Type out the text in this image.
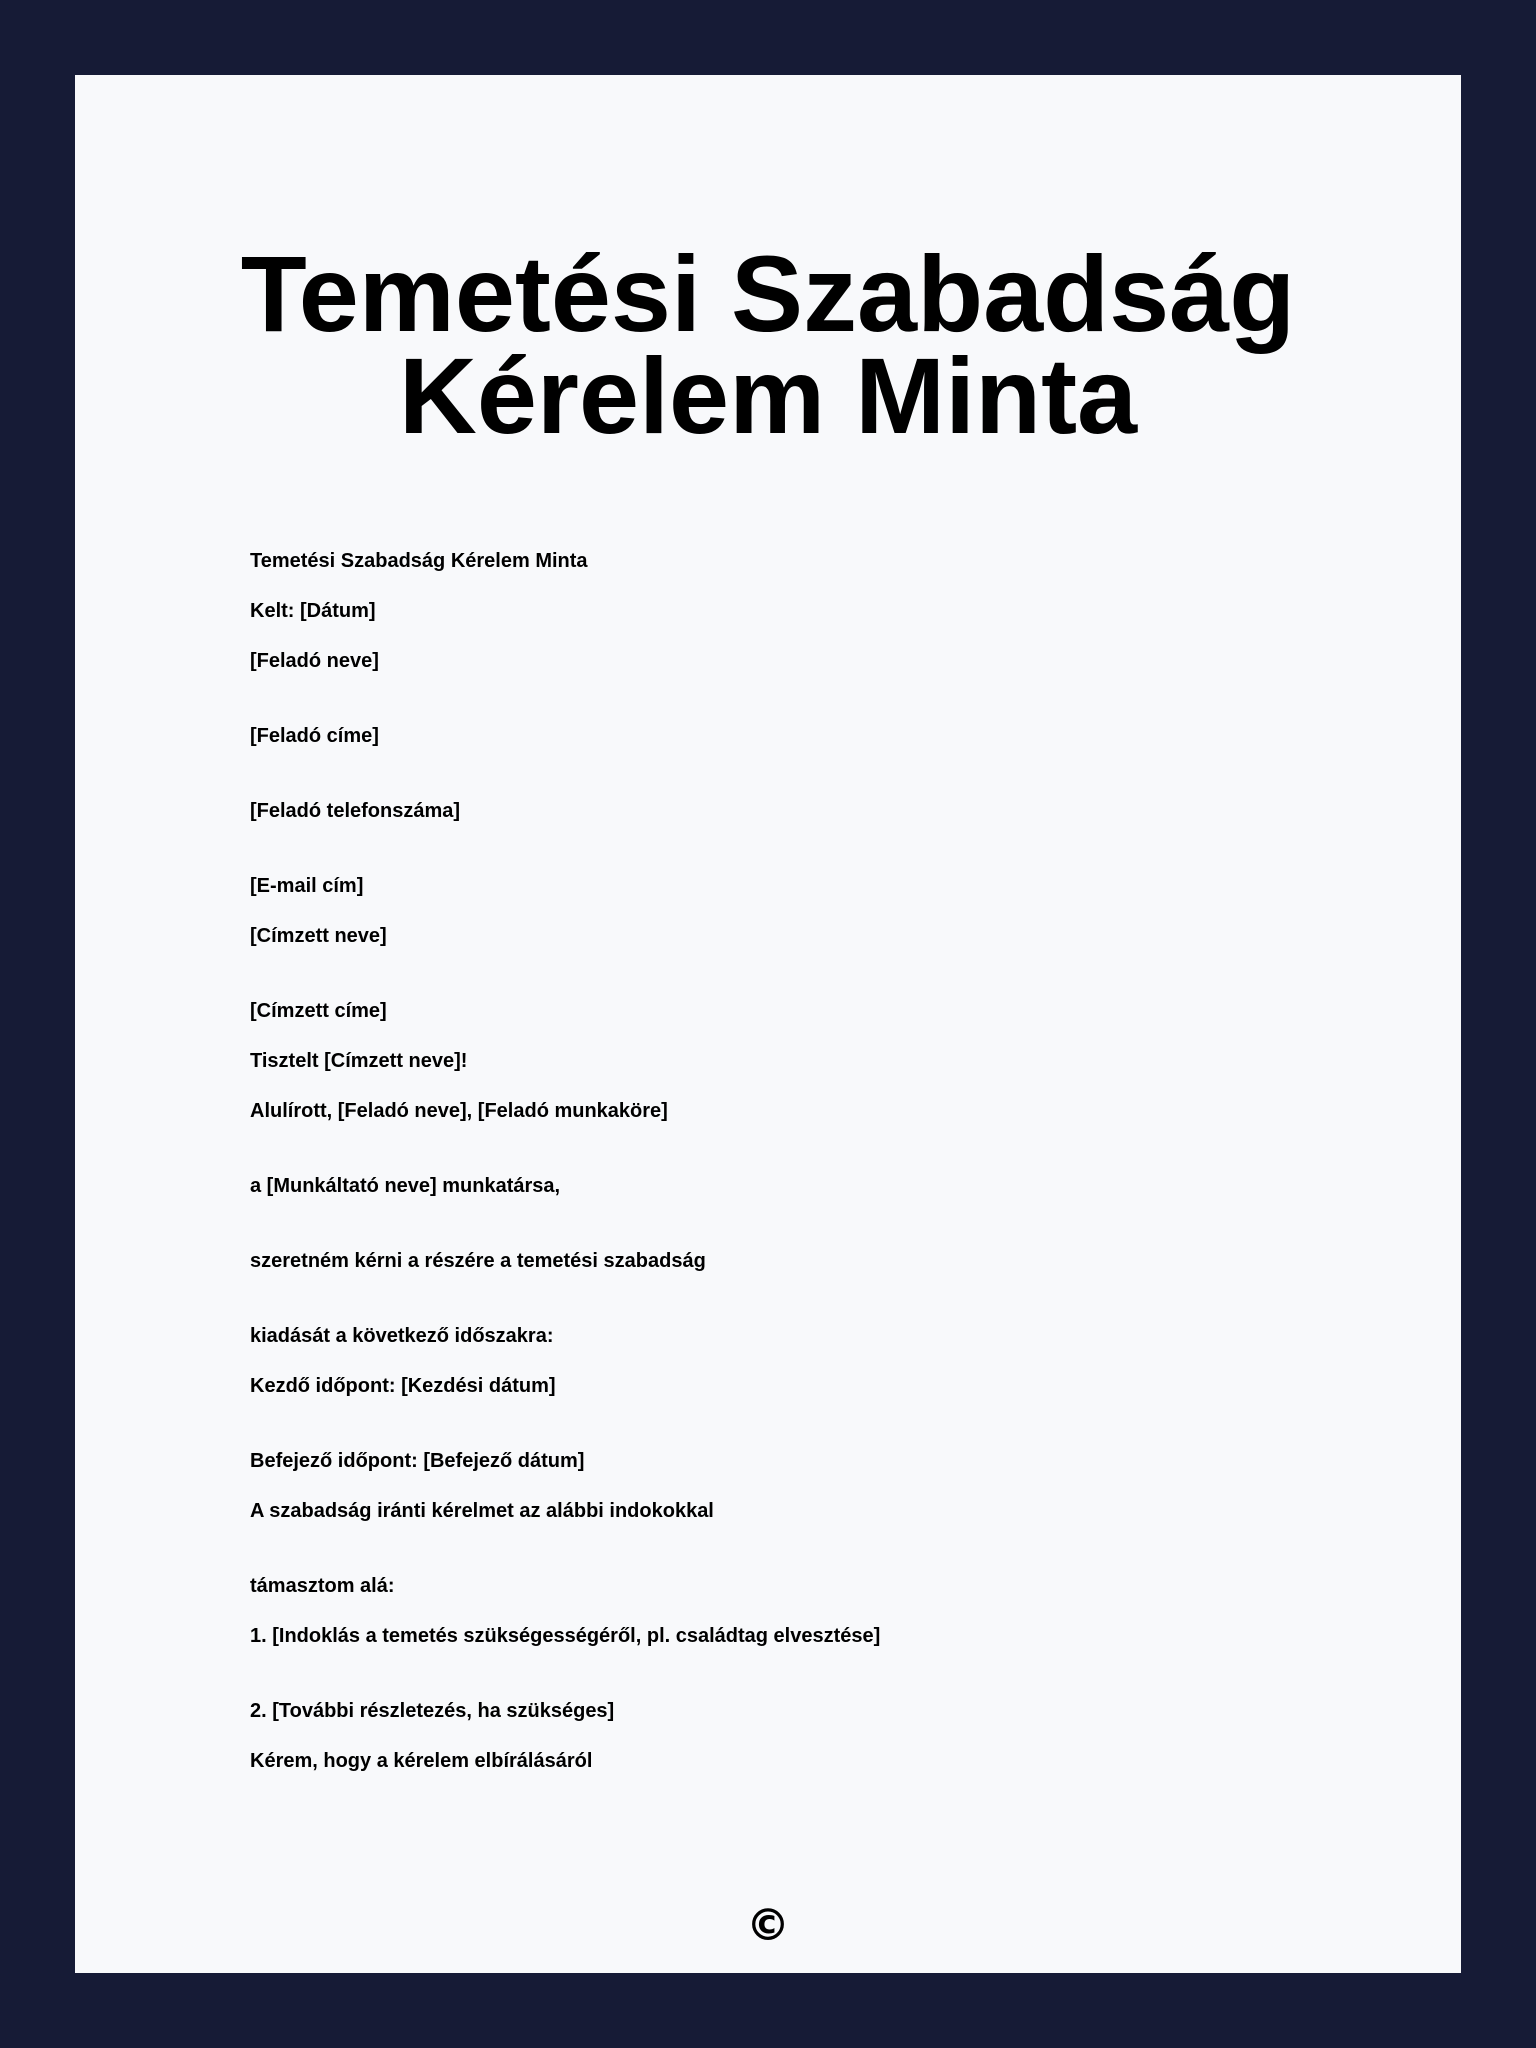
Temetési Szabadság
Kérelem Minta

Temetési Szabadság Kérelem Minta

Kelt: [Dátum]

[Feladó neve]

[Feladó címe]

[Feladó telefonszáma]

[E-mail cím]

[Címzett neve]

[Címzett címe]

Tisztelt [Címzett neve]!

Alulírott, [Feladó neve], [Feladó munkaköre]

a [Munkáltató neve] munkatársa,

szeretném kérni a részére a temetési szabadság

kiadását a következő időszakra:

Kezdő időpont: [Kezdési dátum]

Befejező időpont: [Befejező dátum]

A szabadság iránti kérelmet az alábbi indokokkal

támasztom alá:

1. [Indoklás a temetés szükségességéről, pl. családtag elvesztése]

2. [További részletezés, ha szükséges]

Kérem, hogy a kérelem elbírálásáról

©
